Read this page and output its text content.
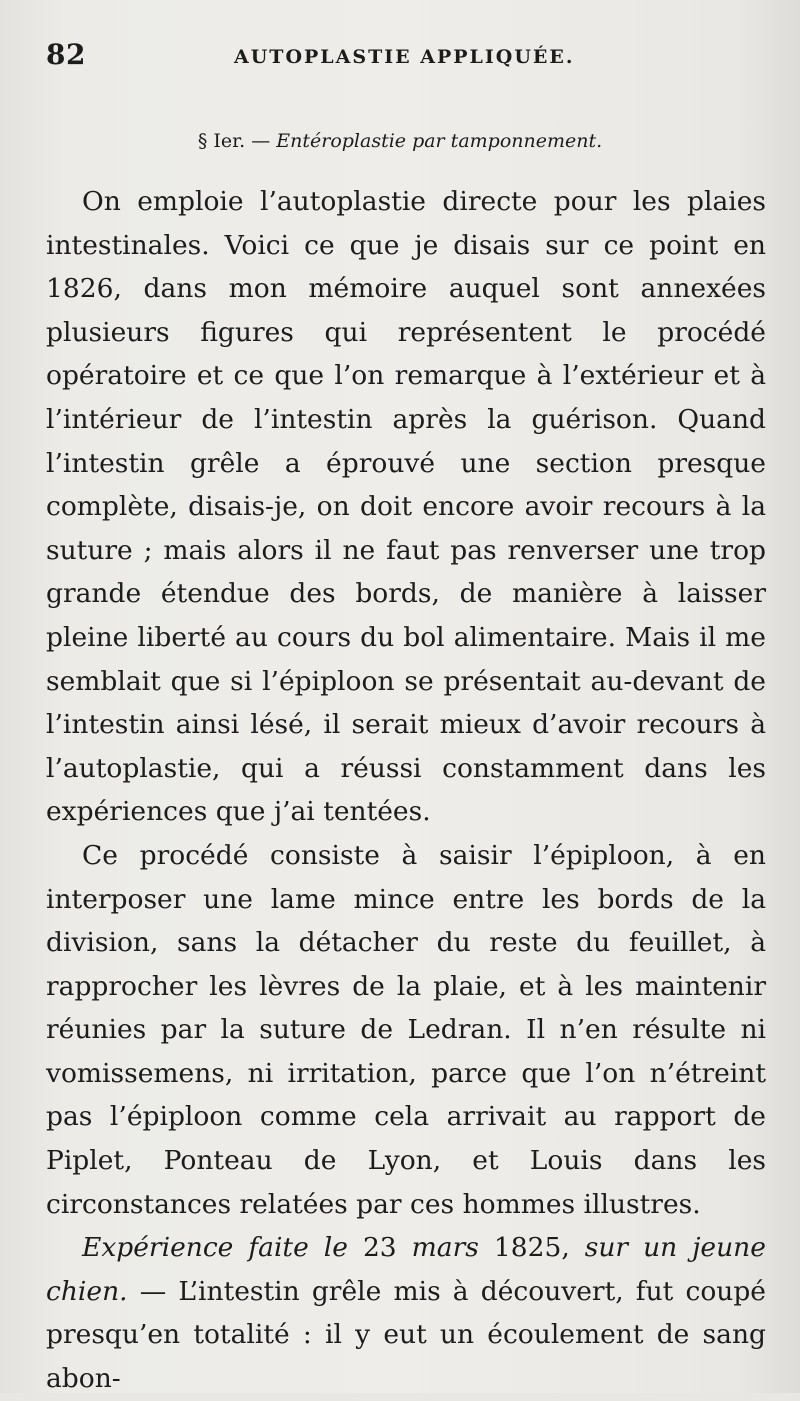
82	AUTOPLASTIE APPLIQUÉE.
§ Ier. — Entéroplastie par tamponnement.

On emploie l’autoplastie directe pour les plaies intestinales. Voici ce que je disais sur ce point en 1826, dans mon mémoire auquel sont annexées plusieurs figures qui représentent le procédé opératoire et ce que l’on remarque à l’extérieur et à l’intérieur de l’intestin après la guérison. Quand l’intestin grêle a éprouvé une section presque complète, disais-je, on doit encore avoir recours à la suture ; mais alors il ne faut pas renverser une trop grande étendue des bords, de manière à laisser pleine liberté au cours du bol alimentaire. Mais il me semblait que si l’épiploon se présentait au-devant de l’intestin ainsi lésé, il serait mieux d’avoir recours à l’autoplastie, qui a réussi constamment dans les expériences que j’ai tentées.

Ce procédé consiste à saisir l’épiploon, à en interposer une lame mince entre les bords de la division, sans la détacher du reste du feuillet, à rapprocher les lèvres de la plaie, et à les maintenir réunies par la suture de Ledran. Il n’en résulte ni vomissemens, ni irritation, parce que l’on n’étreint pas l’épiploon comme cela arrivait au rapport de Piplet, Ponteau de Lyon, et Louis dans les circonstances relatées par ces hommes illustres.

Expérience faite le 23 mars 1825, sur un jeune chien. — L’intestin grêle mis à découvert, fut coupé presqu’en totalité : il y eut un écoulement de sang abon-
